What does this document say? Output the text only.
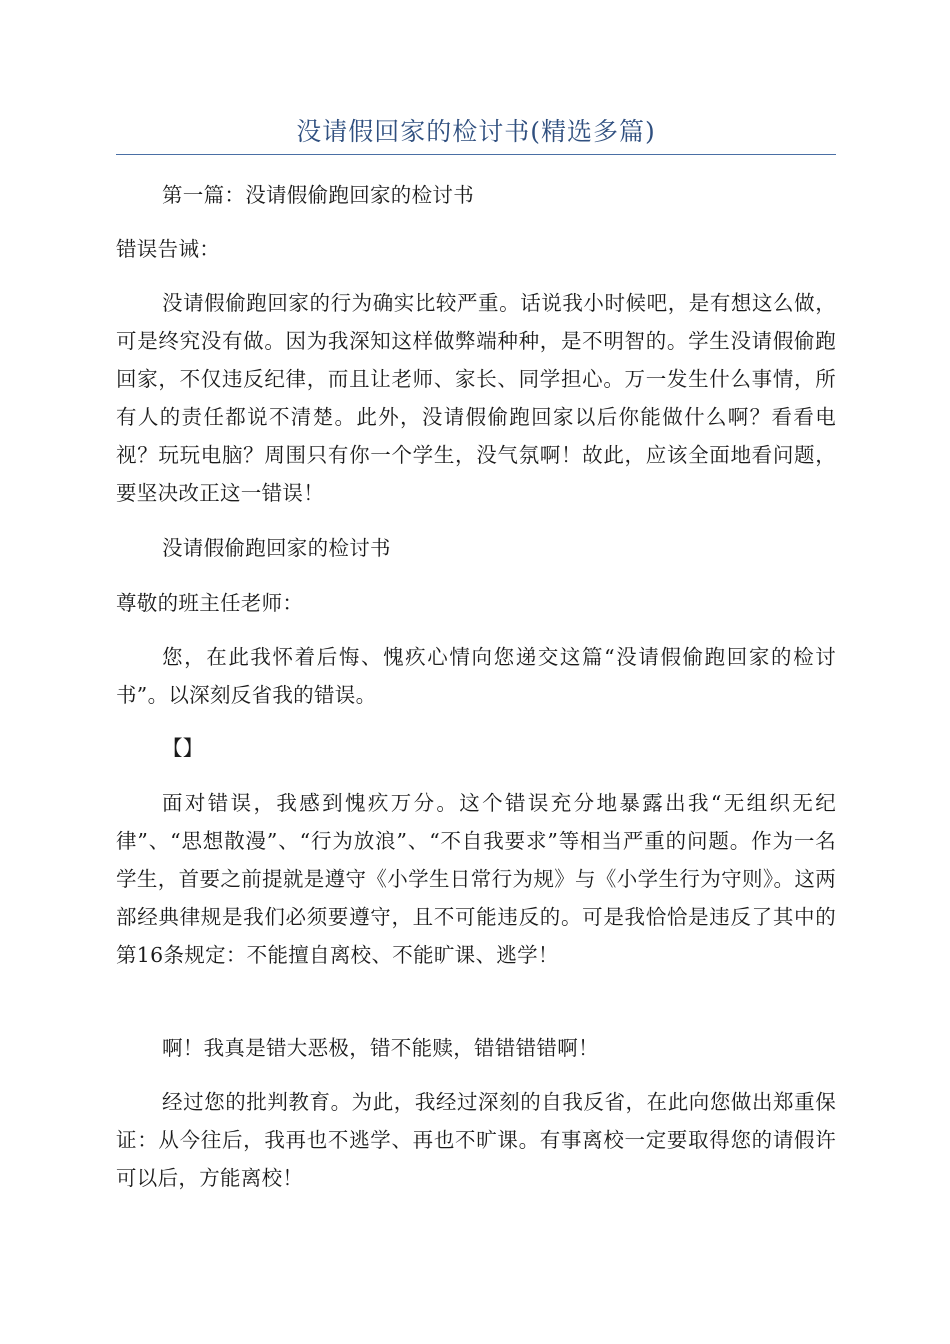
没请假回家的检讨书(精选多篇)

第一篇：没请假偷跑回家的检讨书

错误告诫：

没请假偷跑回家的行为确实比较严重。话说我小时候吧，是有想这么做，可是终究没有做。因为我深知这样做弊端种种，是不明智的。学生没请假偷跑回家，不仅违反纪律，而且让老师、家长、同学担心。万一发生什么事情，所有人的责任都说不清楚。此外，没请假偷跑回家以后你能做什么啊？看看电视？玩玩电脑？周围只有你一个学生，没气氛啊！故此，应该全面地看问题，要坚决改正这一错误！

没请假偷跑回家的检讨书

尊敬的班主任老师：

您，在此我怀着后悔、愧疚心情向您递交这篇“没请假偷跑回家的检讨书”。以深刻反省我的错误。

【】

面对错误，我感到愧疚万分。这个错误充分地暴露出我“无组织无纪律”、“思想散漫”、“行为放浪”、“不自我要求”等相当严重的问题。作为一名学生，首要之前提就是遵守《小学生日常行为规》与《小学生行为守则》。这两部经典律规是我们必须要遵守，且不可能违反的。可是我恰恰是违反了其中的第16条规定：不能擅自离校、不能旷课、逃学！

啊！我真是错大恶极，错不能赎，错错错错啊！

经过您的批判教育。为此，我经过深刻的自我反省，在此向您做出郑重保证：从今往后，我再也不逃学、再也不旷课。有事离校一定要取得您的请假许可以后，方能离校！
